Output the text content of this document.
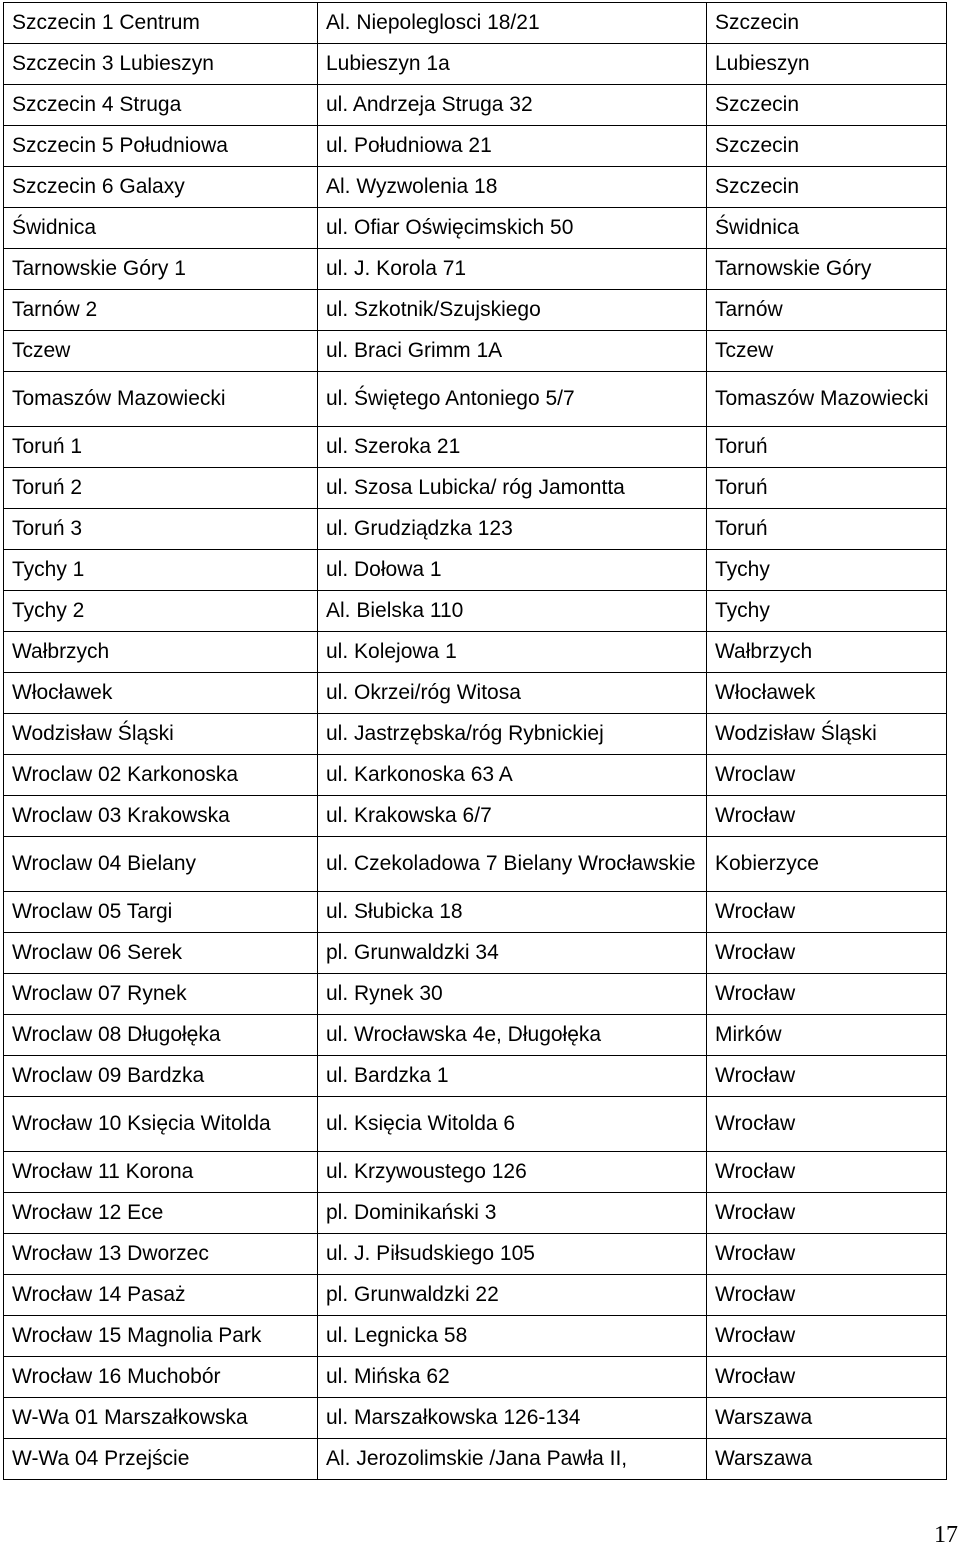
Szczecin 1 Centrum	Al. Niepoleglosci 18/21	Szczecin
Szczecin 3 Lubieszyn	Lubieszyn 1a	Lubieszyn
Szczecin 4 Struga	ul. Andrzeja Struga 32	Szczecin
Szczecin 5 Południowa	ul. Południowa 21	Szczecin
Szczecin 6 Galaxy	Al. Wyzwolenia 18	Szczecin
Świdnica	ul. Ofiar Oświęcimskich 50	Świdnica
Tarnowskie Góry 1	ul. J. Korola 71	Tarnowskie Góry
Tarnów 2	ul. Szkotnik/Szujskiego	Tarnów
Tczew	ul. Braci Grimm 1A	Tczew
Tomaszów Mazowiecki	ul. Świętego Antoniego 5/7	Tomaszów Mazowiecki
Toruń 1	ul. Szeroka 21	Toruń
Toruń 2	ul. Szosa Lubicka/ róg Jamontta	Toruń
Toruń 3	ul. Grudziądzka 123	Toruń
Tychy 1	ul. Dołowa 1	Tychy
Tychy 2	Al. Bielska 110	Tychy
Wałbrzych	ul. Kolejowa 1	Wałbrzych
Włocławek	ul. Okrzei/róg Witosa	Włocławek
Wodzisław Śląski	ul. Jastrzębska/róg Rybnickiej	Wodzisław Śląski
Wroclaw 02 Karkonoska	ul. Karkonoska 63 A	Wroclaw
Wroclaw 03 Krakowska	ul. Krakowska 6/7	Wrocław
Wroclaw 04 Bielany	ul. Czekoladowa 7 Bielany Wrocławskie	Kobierzyce
Wroclaw 05 Targi	ul. Słubicka 18	Wrocław
Wroclaw 06 Serek	pl. Grunwaldzki 34	Wrocław
Wroclaw 07 Rynek	ul. Rynek 30	Wrocław
Wroclaw 08 Długołęka	ul. Wrocławska 4e, Długołęka	Mirków
Wroclaw 09 Bardzka	ul. Bardzka 1	Wrocław
Wrocław 10 Księcia Witolda	ul. Księcia Witolda 6	Wrocław
Wrocław 11 Korona	ul. Krzywoustego 126	Wrocław
Wrocław 12 Ece	pl. Dominikański 3	Wrocław
Wrocław 13 Dworzec	ul. J. Piłsudskiego 105	Wrocław
Wrocław 14 Pasaż	pl. Grunwaldzki 22	Wrocław
Wrocław 15 Magnolia Park	ul. Legnicka 58	Wrocław
Wrocław 16 Muchobór	ul. Mińska 62	Wrocław
W-Wa 01 Marszałkowska	ul. Marszałkowska 126-134	Warszawa
W-Wa 04 Przejście	Al. Jerozolimskie /Jana Pawła II,	Warszawa
17
